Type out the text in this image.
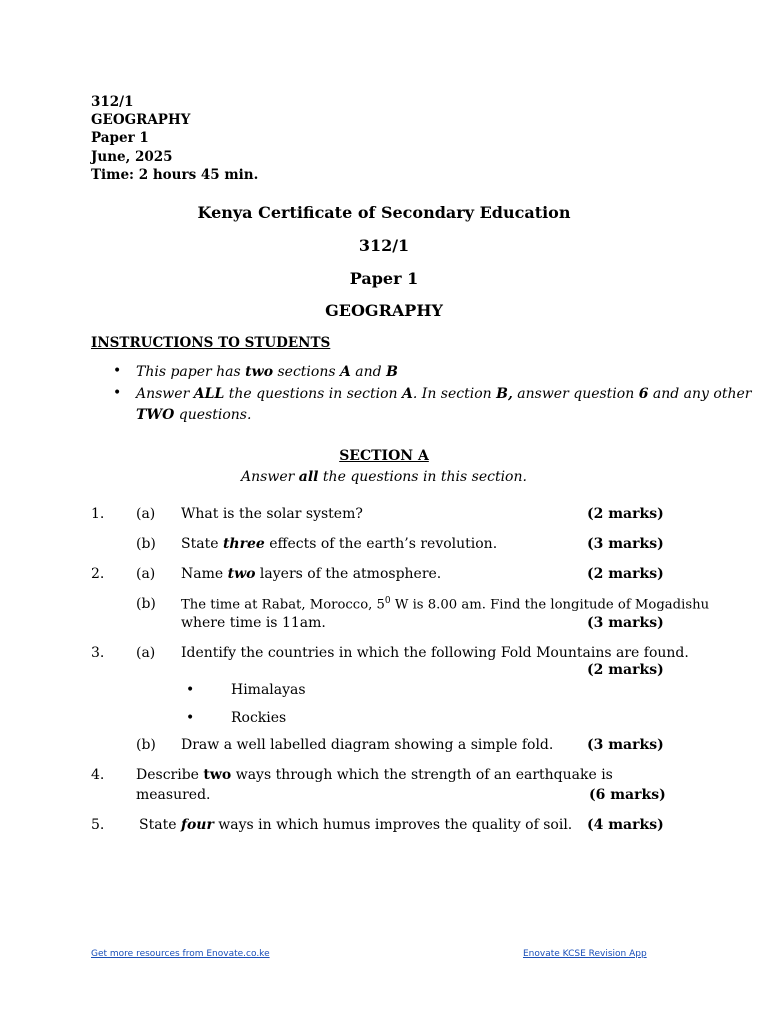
312/1
GEOGRAPHY
Paper 1
June, 2025
Time: 2 hours 45 min.
Kenya Certificate of Secondary Education
312/1
Paper 1
GEOGRAPHY
INSTRUCTIONS TO STUDENTS
• This paper has two sections A and B
• Answer ALL the questions in section A. In section B, answer question 6 and any other
TWO questions.
SECTION A
Answer all the questions in this section.
1. (a) What is the solar system?	(2 marks)
(b) State three effects of the earth’s revolution.	(3 marks)
2. (a) Name two layers of the atmosphere.	(2 marks)
(b) The time at Rabat, Morocco, $5^0$ W is 8.00 am. Find the longitude of Mogadishu
where time is 11am.	(3 marks)
3. (a) Identify the countries in which the following Fold Mountains are found.
(2 marks)
•	Himalayas
•	Rockies
(b) Draw a well labelled diagram showing a simple fold. (3 marks)
4. Describe two ways through which the strength of an earthquake is
measured.	(6 marks)
5. State four ways in which humus improves the quality of soil. (4 marks)
Get more resources from Enovate.co.ke	Enovate KCSE Revision App
